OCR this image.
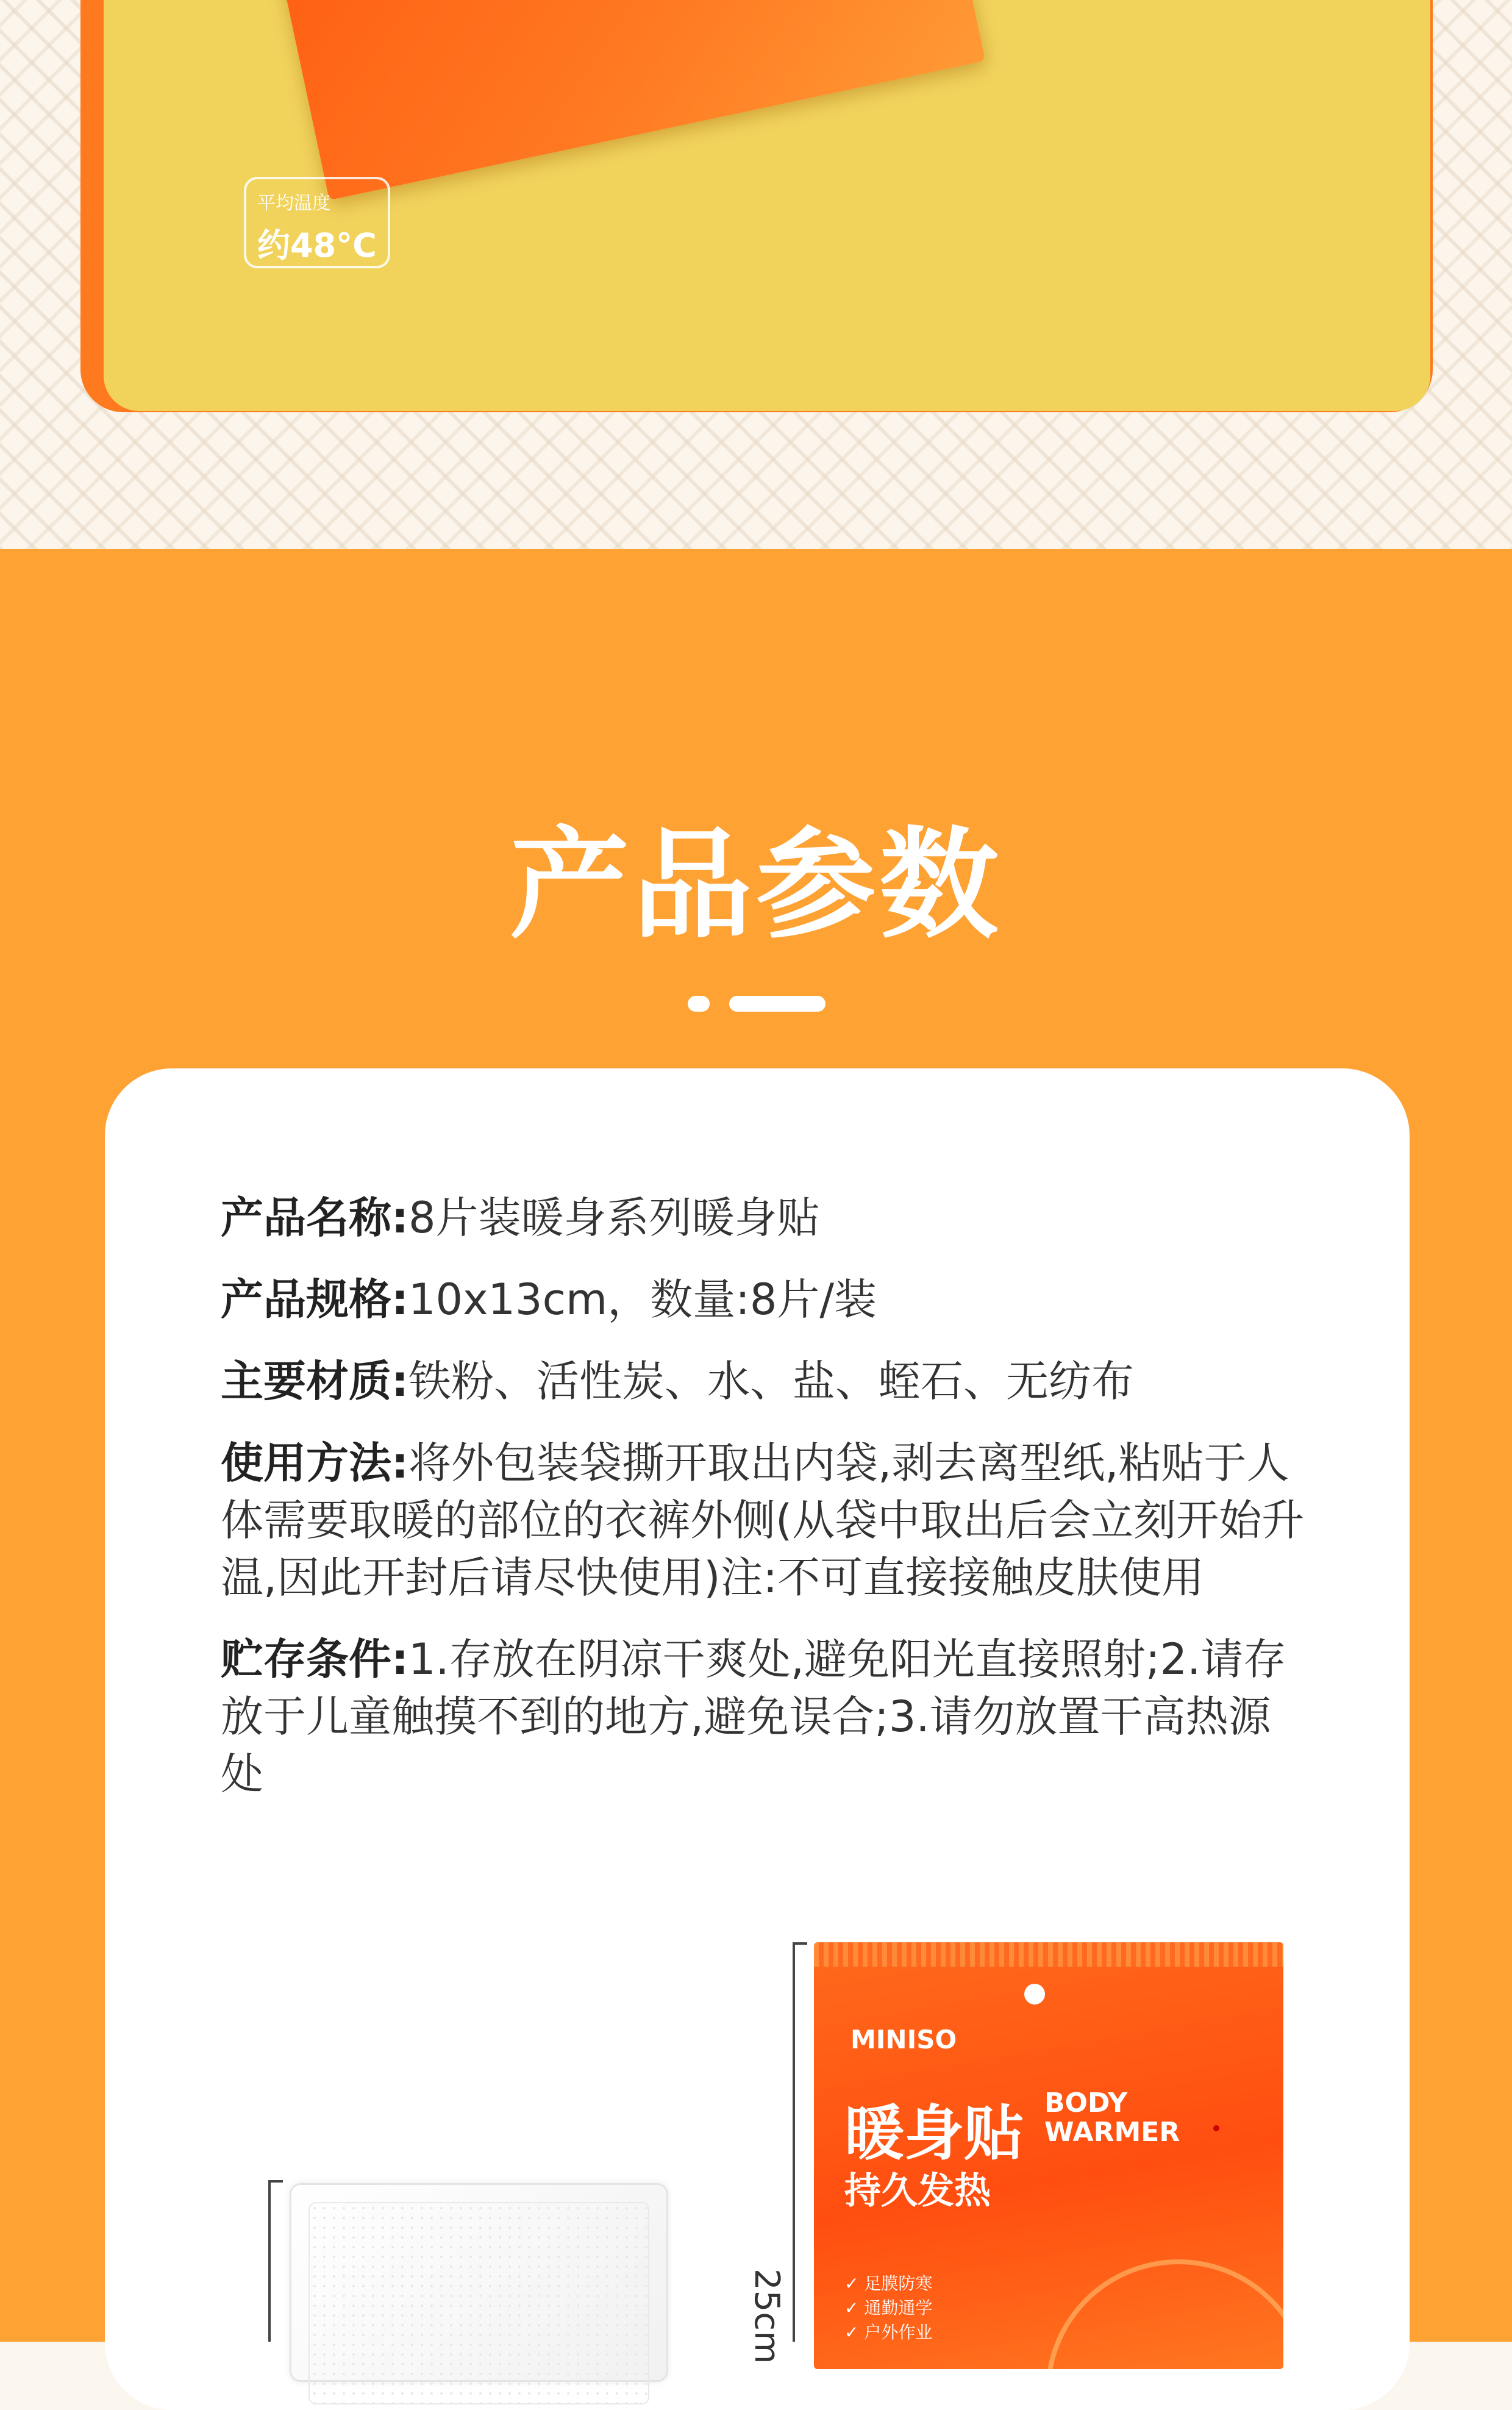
平均温度
约48°C
产品参数

产品名称:8片装暖身系列暖身贴

产品规格:10x13cm，数量:8片/装

主要材质:铁粉、活性炭、水、盐、蛭石、无纺布

使用方法:将外包装袋撕开取出内袋,剥去离型纸,粘贴于人体需要取暖的部位的衣裤外侧(从袋中取出后会立刻开始升温,因此开封后请尽快使用)注:不可直接接触皮肤使用

贮存条件:1.存放在阴凉干爽处,避免阳光直接照射;2.请存放于儿童触摸不到的地方,避免误合;3.请勿放置干高热源处

25cm
MINISO
暖身贴 BODY
WARMER
持久发热
✓ 足膜防寒
✓ 通勤通学
✓ 户外作业
